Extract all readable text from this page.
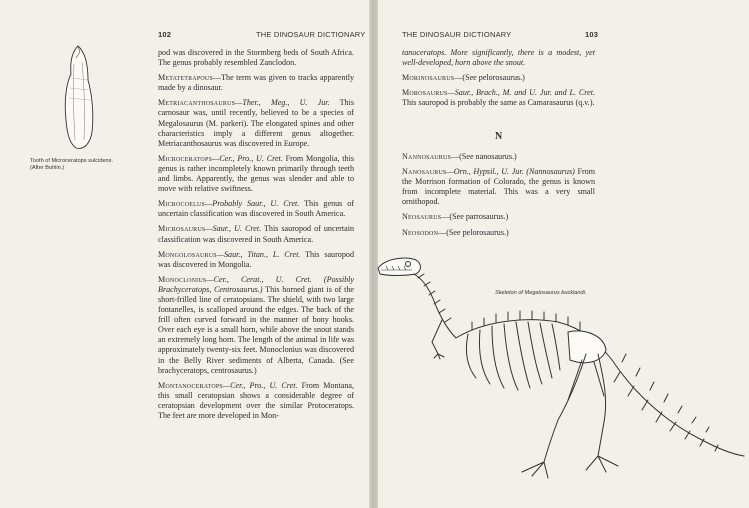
102	THE DINOSAUR DICTIONARY
Tooth of Microceratops sulcidens.
(After Bohlin.)

pod was discovered in the Stormberg beds of South Africa. The genus probably resembled Zanclodon.

Metatetrapous—The term was given to tracks apparently made by a dinosaur.

Metriacanthosaurus—Ther., Meg., U. Jur. This carnosaur was, until recently, believed to be a species of Megalosaurus (M. parkeri). The elongated spines and other characteristics imply a different genus altogether. Metriacanthosaurus was discovered in Europe.

Microceratops—Cer., Pro., U. Cret. From Mongolia, this genus is rather incompletely known primarily through teeth and limbs. Apparently, the genus was slender and able to move with relative swiftness.

Microcoelus—Probably Saur., U. Cret. This genus of uncertain classification was discovered in South America.

Microsaurus—Saur., U. Cret. This sauropod of uncertain classification was discovered in South America.

Mongolosaurus—Saur., Titan., L. Cret. This sauropod was discovered in Mongolia.

Monoclonius—Cer., Cerat., U. Cret. (Possibly Brachyceratops, Centrosaurus.) This horned giant is of the short-frilled line of ceratopsians. The shield, with two large fontanelles, is scalloped around the edges. The back of the frill often curved forward in the manner of bony hooks. Over each eye is a small horn, while above the snout stands an extremely long horn. The length of the animal in life was approximately twenty-six feet. Monoclonius was discovered in the Belly River sediments of Alberta, Canada. (See brachyceratops, centrosaurus.)

Montanoceratops—Cer., Pro., U. Cret. From Montana, this small ceratopsian shows a considerable degree of ceratopsian development over the similar Protoceratops. The feet are more developed in Mon-

THE DINOSAUR DICTIONARY	103

tanoceratops. More significantly, there is a modest, yet well-developed, horn above the snout.

Morinosaurus—(See pelorosaurus.)

Morosaurus—Saur., Brach., M. and U. Jur. and L. Cret. This sauropod is probably the same as Camarasaurus (q.v.).

N

Nannosaurus—(See nanosaurus.)

Nanosaurus—Orn., Hypsil., U. Jur. (Nannosaurus) From the Morrison formation of Colorado, the genus is known from incomplete material. This was a very small ornithopod.

Neosaurus—(See parrosaurus.)

Neosodon—(See pelorosaurus.)

Skeleton of Megalosaurus bucklandi.
